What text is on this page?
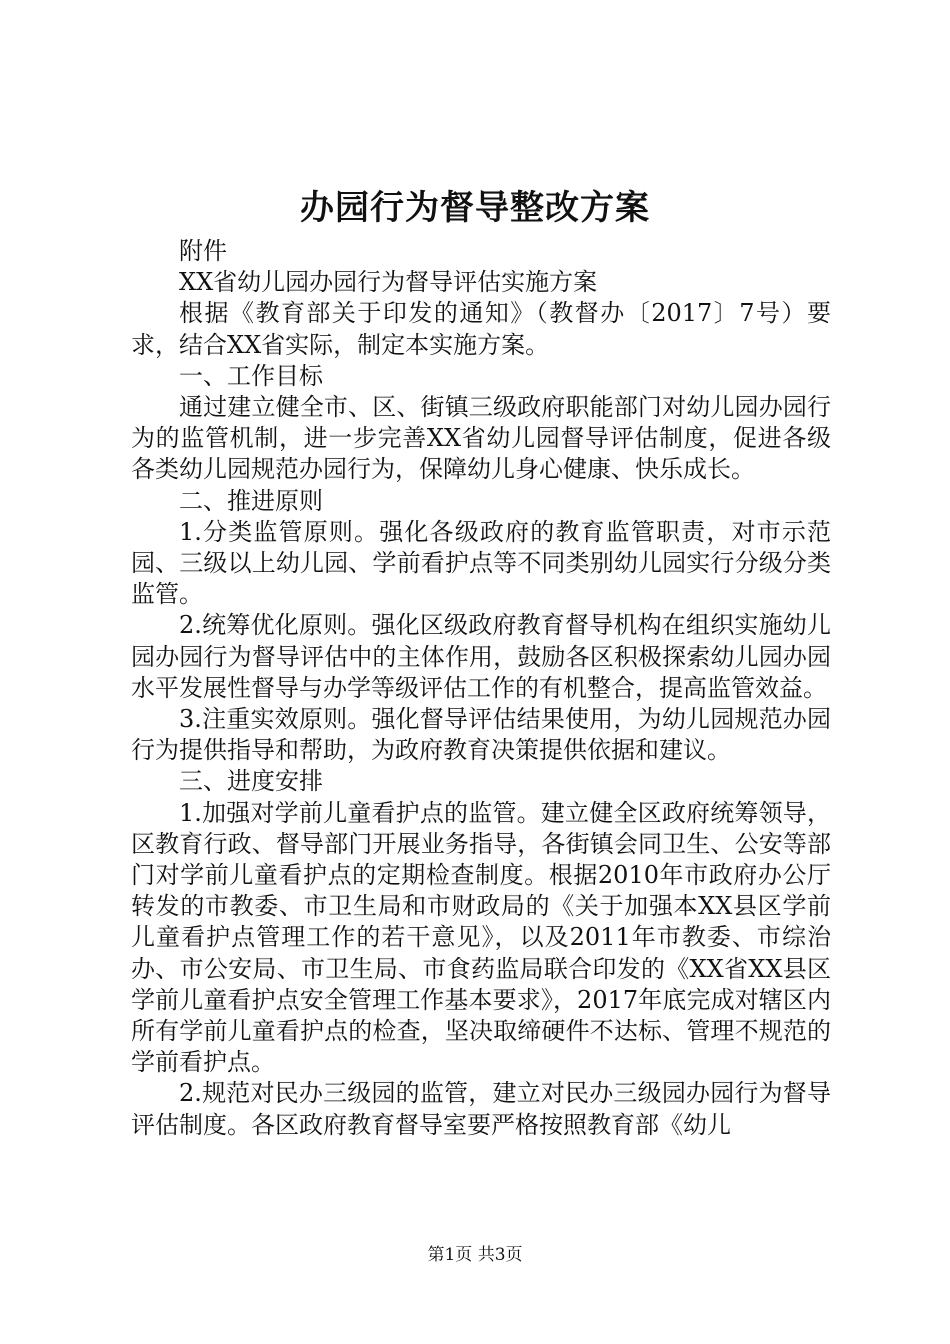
办园行为督导整改方案

附件

XX省幼儿园办园行为督导评估实施方案

根据《教育部关于印发的通知》（教督办〔2017〕7号）要求，结合XX省实际，制定本实施方案。

一、工作目标

通过建立健全市、区、街镇三级政府职能部门对幼儿园办园行为的监管机制，进一步完善XX省幼儿园督导评估制度，促进各级各类幼儿园规范办园行为，保障幼儿身心健康、快乐成长。

二、推进原则

1.分类监管原则。强化各级政府的教育监管职责，对市示范园、三级以上幼儿园、学前看护点等不同类别幼儿园实行分级分类监管。

2.统筹优化原则。强化区级政府教育督导机构在组织实施幼儿园办园行为督导评估中的主体作用，鼓励各区积极探索幼儿园办园水平发展性督导与办学等级评估工作的有机整合，提高监管效益。

3.注重实效原则。强化督导评估结果使用，为幼儿园规范办园行为提供指导和帮助，为政府教育决策提供依据和建议。

三、进度安排

1.加强对学前儿童看护点的监管。建立健全区政府统筹领导，区教育行政、督导部门开展业务指导，各街镇会同卫生、公安等部门对学前儿童看护点的定期检查制度。根据2010年市政府办公厅转发的市教委、市卫生局和市财政局的《关于加强本XX县区学前儿童看护点管理工作的若干意见》，以及2011年市教委、市综治办、市公安局、市卫生局、市食药监局联合印发的《XX省XX县区学前儿童看护点安全管理工作基本要求》，2017年底完成对辖区内所有学前儿童看护点的检查，坚决取缔硬件不达标、管理不规范的学前看护点。

2.规范对民办三级园的监管，建立对民办三级园办园行为督导评估制度。各区政府教育督导室要严格按照教育部《幼儿

第1页 共3页
